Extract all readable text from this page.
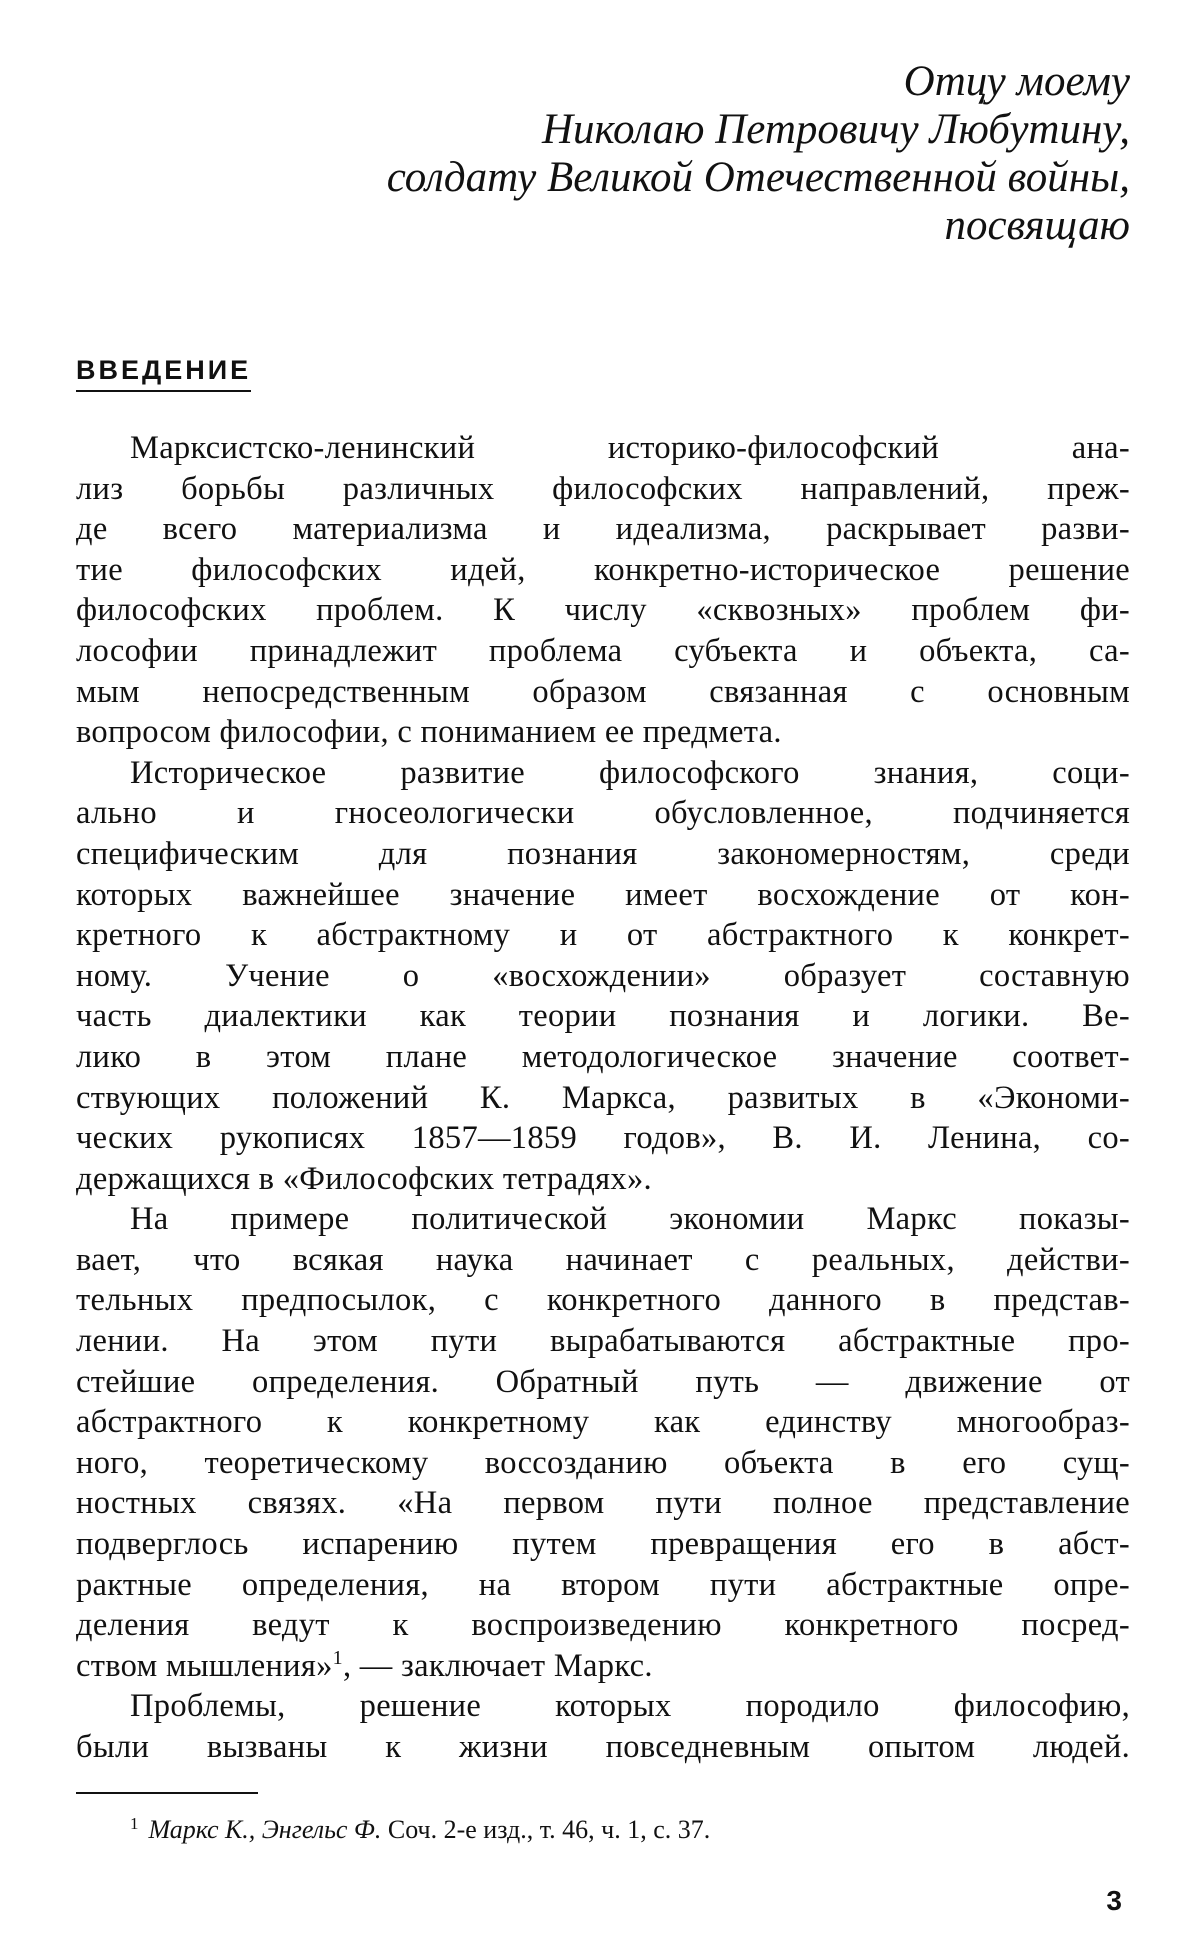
Отцу моему
Николаю Петровичу Любутину,
солдату Великой Отечественной войны,
посвящаю
ВВЕДЕНИЕ

Марксистско-ленинский историко-философский ана-
лиз борьбы различных философских направлений, преж-
де всего материализма и идеализма, раскрывает разви-
тие философских идей, конкретно-историческое решение
философских проблем. К числу «сквозных» проблем фи-
лософии принадлежит проблема субъекта и объекта, са-
мым непосредственным образом связанная с основным
вопросом философии, с пониманием ее предмета.

Историческое развитие философского знания, соци-
ально и гносеологически обусловленное, подчиняется
специфическим для познания закономерностям, среди
которых важнейшее значение имеет восхождение от кон-
кретного к абстрактному и от абстрактного к конкрет-
ному. Учение о «восхождении» образует составную
часть диалектики как теории познания и логики. Ве-
лико в этом плане методологическое значение соответ-
ствующих положений К. Маркса, развитых в «Экономи-
ческих рукописях 1857—1859 годов», В. И. Ленина, со-
держащихся в «Философских тетрадях».

На примере политической экономии Маркс показы-
вает, что всякая наука начинает с реальных, действи-
тельных предпосылок, с конкретного данного в представ-
лении. На этом пути вырабатываются абстрактные про-
стейшие определения. Обратный путь — движение от
абстрактного к конкретному как единству многообраз-
ного, теоретическому воссозданию объекта в его сущ-
ностных связях. «На первом пути полное представление
подверглось испарению путем превращения его в абст-
рактные определения, на втором пути абстрактные опре-
деления ведут к воспроизведению конкретного посред-
ством мышления»$^1$, — заключает Маркс.

Проблемы, решение которых породило философию,
были вызваны к жизни повседневным опытом людей.

$^1$ Маркс К., Энгельс Ф. Соч. 2-е изд., т. 46, ч. 1, с. 37.
3
